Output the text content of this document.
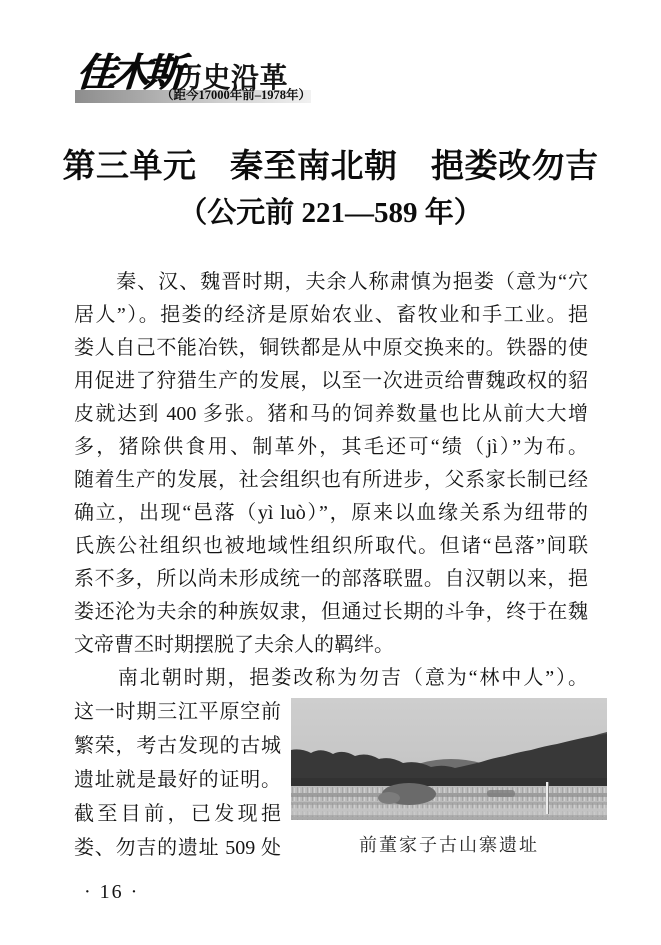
（距今17000年前–1978年）
佳木斯
历史沿革
第三单元　秦至南北朝　挹娄改勿吉
（公元前 221—589 年）
　　秦、汉、魏晋时期，夫余人称肃慎为挹娄（意为“穴
居人”）。挹娄的经济是原始农业、畜牧业和手工业。挹
娄人自己不能冶铁，铜铁都是从中原交换来的。铁器的使
用促进了狩猎生产的发展，以至一次进贡给曹魏政权的貂
皮就达到 400 多张。猪和马的饲养数量也比从前大大增
多，猪除供食用、制革外，其毛还可“绩（jì）”为布。
随着生产的发展，社会组织也有所进步，父系家长制已经
确立，出现“邑落（yì luò）”，原来以血缘关系为纽带的
氏族公社组织也被地域性组织所取代。但诸“邑落”间联
系不多，所以尚未形成统一的部落联盟。自汉朝以来，挹
娄还沦为夫余的种族奴隶，但通过长期的斗争，终于在魏
文帝曹丕时期摆脱了夫余人的羁绊。
　　南北朝时期，挹娄改称为勿吉（意为“林中人”）。
这一时期三江平原空前
繁荣，考古发现的古城
遗址就是最好的证明。
截至目前，已发现挹
娄、勿吉的遗址 509 处	前董家子古山寨遗址
· 16 ·
